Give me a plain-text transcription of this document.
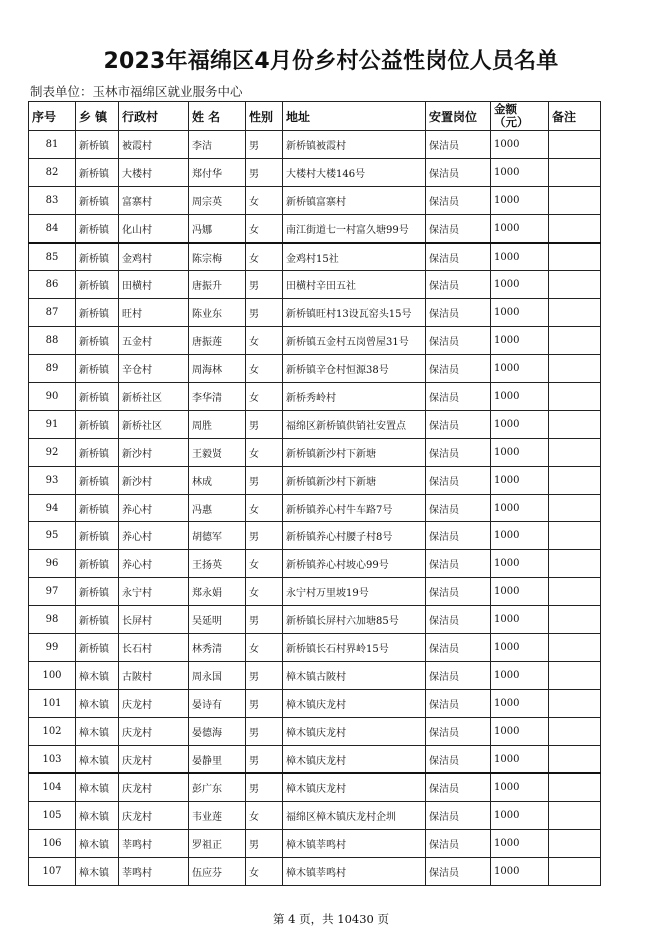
2023年福绵区4月份乡村公益性岗位人员名单
制表单位：玉林市福绵区就业服务中心
序号	乡 镇	行政村	姓 名	性别	地址	安置岗位	金额（元）	备注
81	新桥镇	被霞村	李洁	男	新桥镇被霞村	保洁员	1000	
82	新桥镇	大楼村	郑付华	男	大楼村大楼146号	保洁员	1000	
83	新桥镇	富寨村	周宗英	女	新桥镇富寨村	保洁员	1000	
84	新桥镇	化山村	冯娜	女	南江街道七一村富久塘99号	保洁员	1000	
85	新桥镇	金鸡村	陈宗梅	女	金鸡村15社	保洁员	1000	
86	新桥镇	田横村	唐振升	男	田横村辛田五社	保洁员	1000	
87	新桥镇	旺村	陈业东	男	新桥镇旺村13设瓦窑头15号	保洁员	1000	
88	新桥镇	五金村	唐振莲	女	新桥镇五金村五岗曾屋31号	保洁员	1000	
89	新桥镇	辛仓村	周海林	女	新桥镇辛仓村恒源38号	保洁员	1000	
90	新桥镇	新桥社区	李华清	女	新桥秀岭村	保洁员	1000	
91	新桥镇	新桥社区	周胜	男	福绵区新桥镇供销社安置点	保洁员	1000	
92	新桥镇	新沙村	王毅贤	女	新桥镇新沙村下新塘	保洁员	1000	
93	新桥镇	新沙村	林成	男	新桥镇新沙村下新塘	保洁员	1000	
94	新桥镇	养心村	冯惠	女	新桥镇养心村牛车路7号	保洁员	1000	
95	新桥镇	养心村	胡德军	男	新桥镇养心村腰子村8号	保洁员	1000	
96	新桥镇	养心村	王扬英	女	新桥镇养心村坡心99号	保洁员	1000	
97	新桥镇	永宁村	郑永娟	女	永宁村万里坡19号	保洁员	1000	
98	新桥镇	长屏村	吴延明	男	新桥镇长屏村六加塘85号	保洁员	1000	
99	新桥镇	长石村	林秀清	女	新桥镇长石村界岭15号	保洁员	1000	
100	樟木镇	古陂村	周永国	男	樟木镇古陂村	保洁员	1000	
101	樟木镇	庆龙村	晏诗有	男	樟木镇庆龙村	保洁员	1000	
102	樟木镇	庆龙村	晏德海	男	樟木镇庆龙村	保洁员	1000	
103	樟木镇	庆龙村	晏静里	男	樟木镇庆龙村	保洁员	1000	
104	樟木镇	庆龙村	彭广东	男	樟木镇庆龙村	保洁员	1000	
105	樟木镇	庆龙村	韦业莲	女	福绵区樟木镇庆龙村企圳	保洁员	1000	
106	樟木镇	莘鸣村	罗祖正	男	樟木镇莘鸣村	保洁员	1000	
107	樟木镇	莘鸣村	伍应芬	女	樟木镇莘鸣村	保洁员	1000	
第 4 页，共 10430 页
